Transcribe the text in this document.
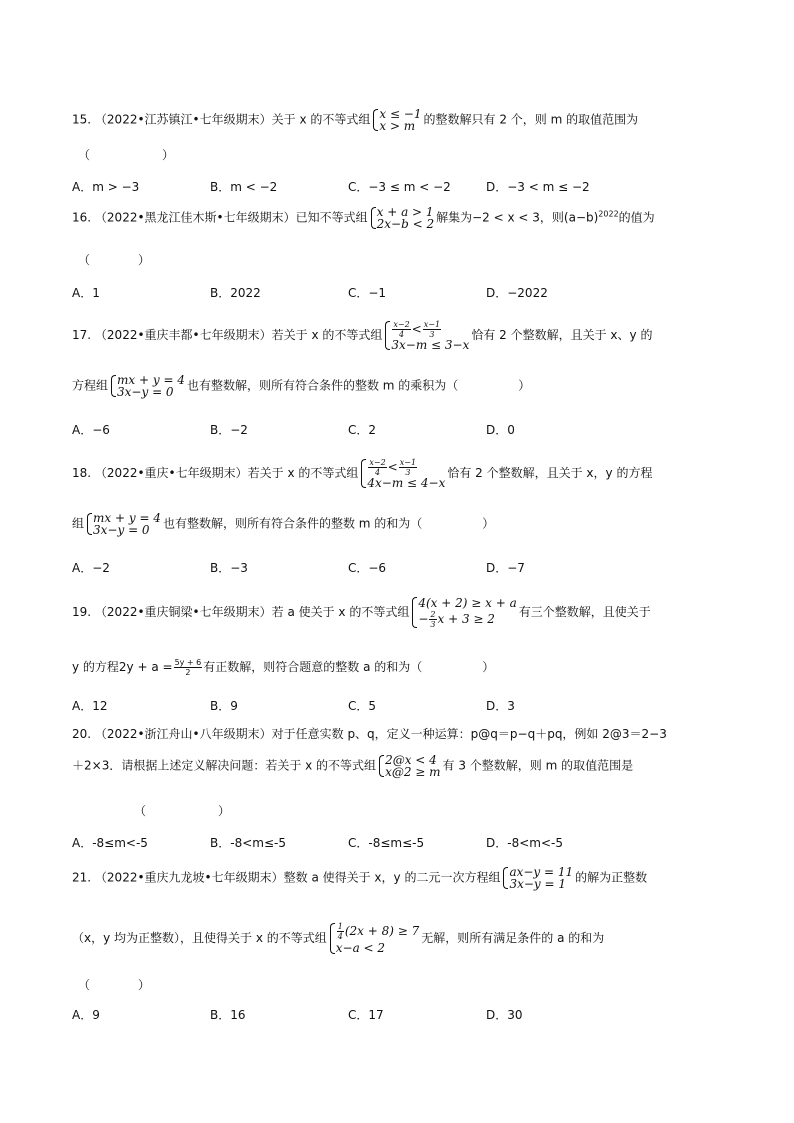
15. （2022•江苏镇江•七年级期末）关于 x 的不等式组 x ≤ −1
x > m 的整数解只有 2 个，则 m 的取值范围为
（　　　　　　）
A．m > −3	B．m < −2	C．−3 ≤ m < −2	D．−3 < m ≤ −2
16. （2022•黑龙江佳木斯•七年级期末）已知不等式组 x + a > 1
2x−b < 2 解集为−2 < x < 3，则$(a-b)^{2022}$的值为
（　　　　）
A．1	B．2022	C．−1	D．−2022
17. （2022•重庆丰都•七年级期末）若关于 x 的不等式组 $\frac{x-2}{4} < \frac{x-1}{3}$
3x−m ≤ 3−x
恰有 2 个整数解，且关于 x、y 的
方程组 mx + y = 4
3x−y = 0	也有整数解，则所有符合条件的整数 m 的乘积为（　　　　　）
A．−6	B．−2	C．2	D．0
18. （2022•重庆•七年级期末）若关于 x 的不等式组 $\frac{x-2}{4} < \frac{x-1}{3}$
4x−m ≤ 4−x
恰有 2 个整数解，且关于 x，y 的方程
组 mx + y = 4
3x−y = 0	也有整数解，则所有符合条件的整数 m 的和为（　　　　　）
A．−2	B．−3	C．−6	D．−7
19. （2022•重庆铜梁•七年级期末）若 a 使关于 x 的不等式组
4(x + 2) ≥ x + a
− $\frac{2}{3}$ x + 3 ≥ 2	有三个整数解，且使关于
y 的方程$2y + a = \frac{5y + 6}{2}$ 有正数解，则符合题意的整数 a 的和为（　　　　　）
A．12	B．9	C．5	D．3
20. （2022•浙江舟山•八年级期末）对于任意实数 p、q，定义一种运算：p@q＝p−q＋pq，例如 2@3＝2−3
＋2×3．请根据上述定义解决问题：若关于 x 的不等式组 2@x < 4
x@2 ≥ m 有 3 个整数解，则 m 的取值范围是
（　　　　　　）
A．-8≤m<-5	B．-8<m≤-5	C．-8≤m≤-5	D．-8<m<-5
21. （2022•重庆九龙坡•七年级期末）整数 a 使得关于 x，y 的二元一次方程组 ax−y = 11
3x−y = 1 的解为正整数
（x，y 均为正整数），且使得关于 x 的不等式组 $\frac{1}{4} (2x + 8) \ge 7$
x−a < 2
无解，则所有满足条件的 a 的和为
（　　　　）
A．9	B．16	C．17	D．30
